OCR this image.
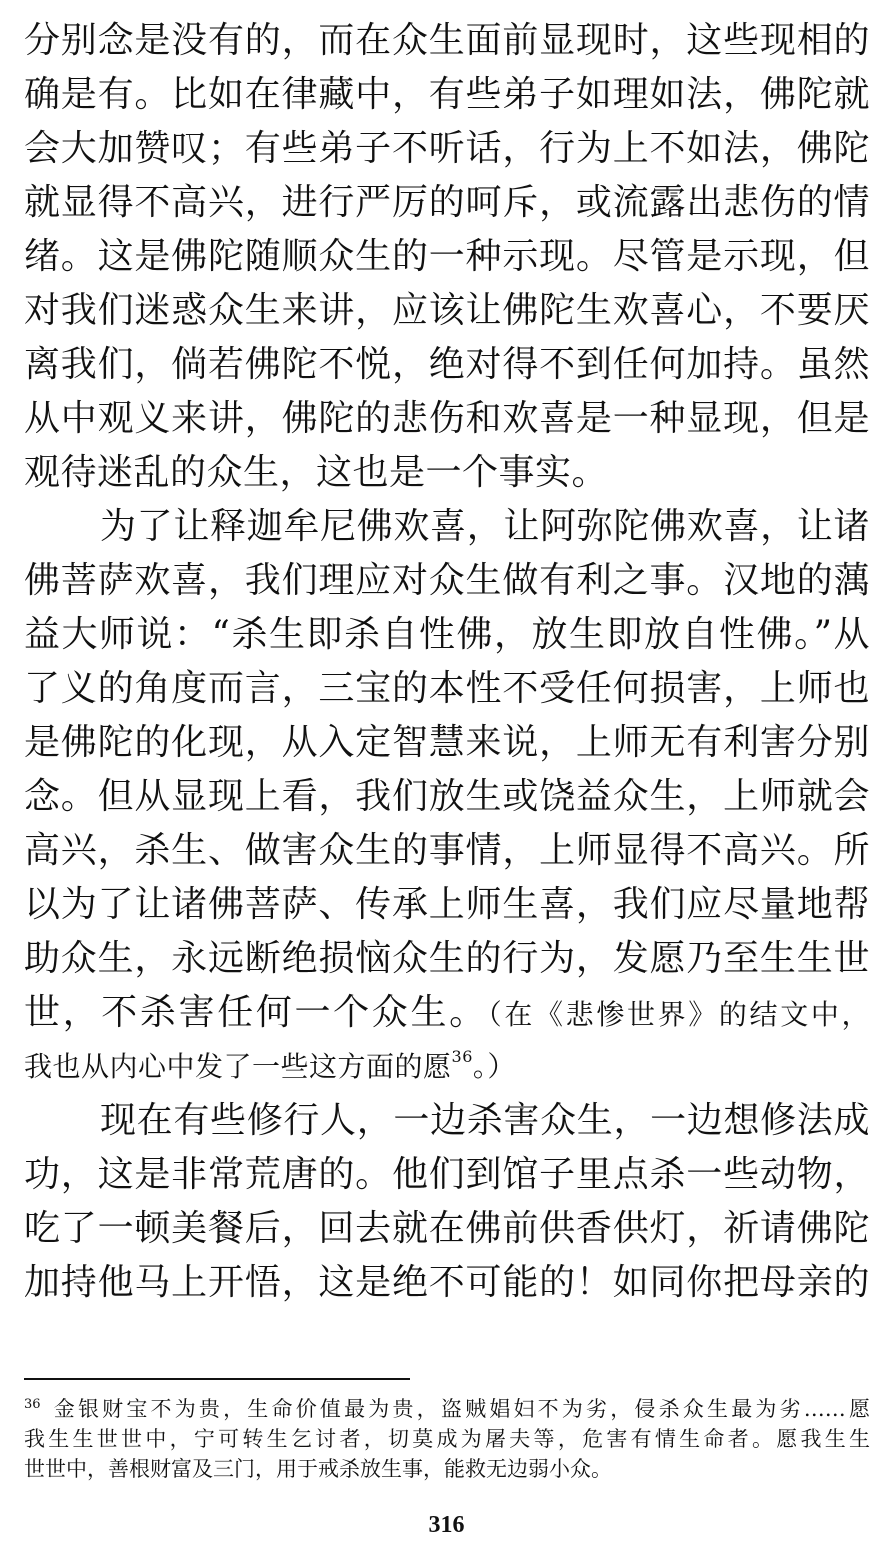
分别念是没有的，而在众生面前显现时，这些现相的
确是有。比如在律藏中，有些弟子如理如法，佛陀就
会大加赞叹；有些弟子不听话，行为上不如法，佛陀
就显得不高兴，进行严厉的呵斥，或流露出悲伤的情
绪。这是佛陀随顺众生的一种示现。尽管是示现，但
对我们迷惑众生来讲，应该让佛陀生欢喜心，不要厌
离我们，倘若佛陀不悦，绝对得不到任何加持。虽然
从中观义来讲，佛陀的悲伤和欢喜是一种显现，但是
观待迷乱的众生，这也是一个事实。
为了让释迦牟尼佛欢喜，让阿弥陀佛欢喜，让诸
佛菩萨欢喜，我们理应对众生做有利之事。汉地的蕅
益大师说：“杀生即杀自性佛，放生即放自性佛。”从
了义的角度而言，三宝的本性不受任何损害，上师也
是佛陀的化现，从入定智慧来说，上师无有利害分别
念。但从显现上看，我们放生或饶益众生，上师就会
高兴，杀生、做害众生的事情，上师显得不高兴。所
以为了让诸佛菩萨、传承上师生喜，我们应尽量地帮
助众生，永远断绝损恼众生的行为，发愿乃至生生世
世，不杀害任何一个众生。（在《悲惨世界》的结文中，
我也从内心中发了一些这方面的愿$^{36}$。）
现在有些修行人，一边杀害众生，一边想修法成
功，这是非常荒唐的。他们到馆子里点杀一些动物，
吃了一顿美餐后，回去就在佛前供香供灯，祈请佛陀
加持他马上开悟，这是绝不可能的！如同你把母亲的
$^{36}$ 金银财宝不为贵，生命价值最为贵，盗贼娼妇不为劣，侵杀众生最为劣……愿
我生生世世中，宁可转生乞讨者，切莫成为屠夫等，危害有情生命者。愿我生生
世世中，善根财富及三门，用于戒杀放生事，能救无边弱小众。
316
